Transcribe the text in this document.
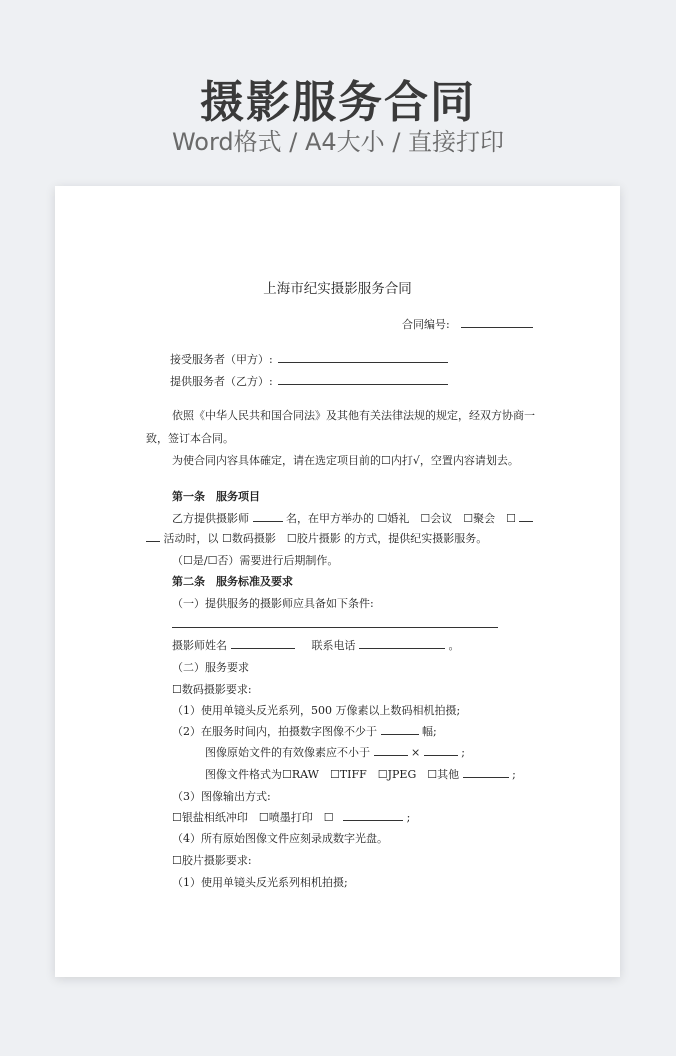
摄影服务合同
Word格式 / A4大小 / 直接打印
上海市纪实摄影服务合同
合同编号:
接受服务者（甲方）:
提供服务者（乙方）:
依照《中华人民共和国合同法》及其他有关法律法规的规定，经双方协商一
致，签订本合同。
为使合同内容具体確定，请在选定项目前的☐内打√，空置内容请划去。
第一条　服务项目
乙方提供摄影师	名，在甲方举办的 ☐婚礼　☐会议　☐聚会　☐
活动时，以 ☐数码摄影　☐胶片摄影 的方式，提供纪实摄影服务。
（☐是/☐否）需要进行后期制作。
第二条　服务标准及要求
（一）提供服务的摄影师应具备如下条件:
摄影师姓名	联系电话	。
（二）服务要求
☐数码摄影要求:
（1）使用单镜头反光系列，500 万像素以上数码相机拍摄;
（2）在服务时间内，拍摄数字图像不少于	幅;
图像原始文件的有效像素应不小于	×	;
图像文件格式为☐RAW　☐TIFF　☐JPEG　☐其他	;
（3）图像输出方式:
☐银盐相纸冲印　☐喷墨打印　☐	;
（4）所有原始图像文件应刻录成数字光盘。
☐胶片摄影要求:
（1）使用单镜头反光系列相机拍摄;
